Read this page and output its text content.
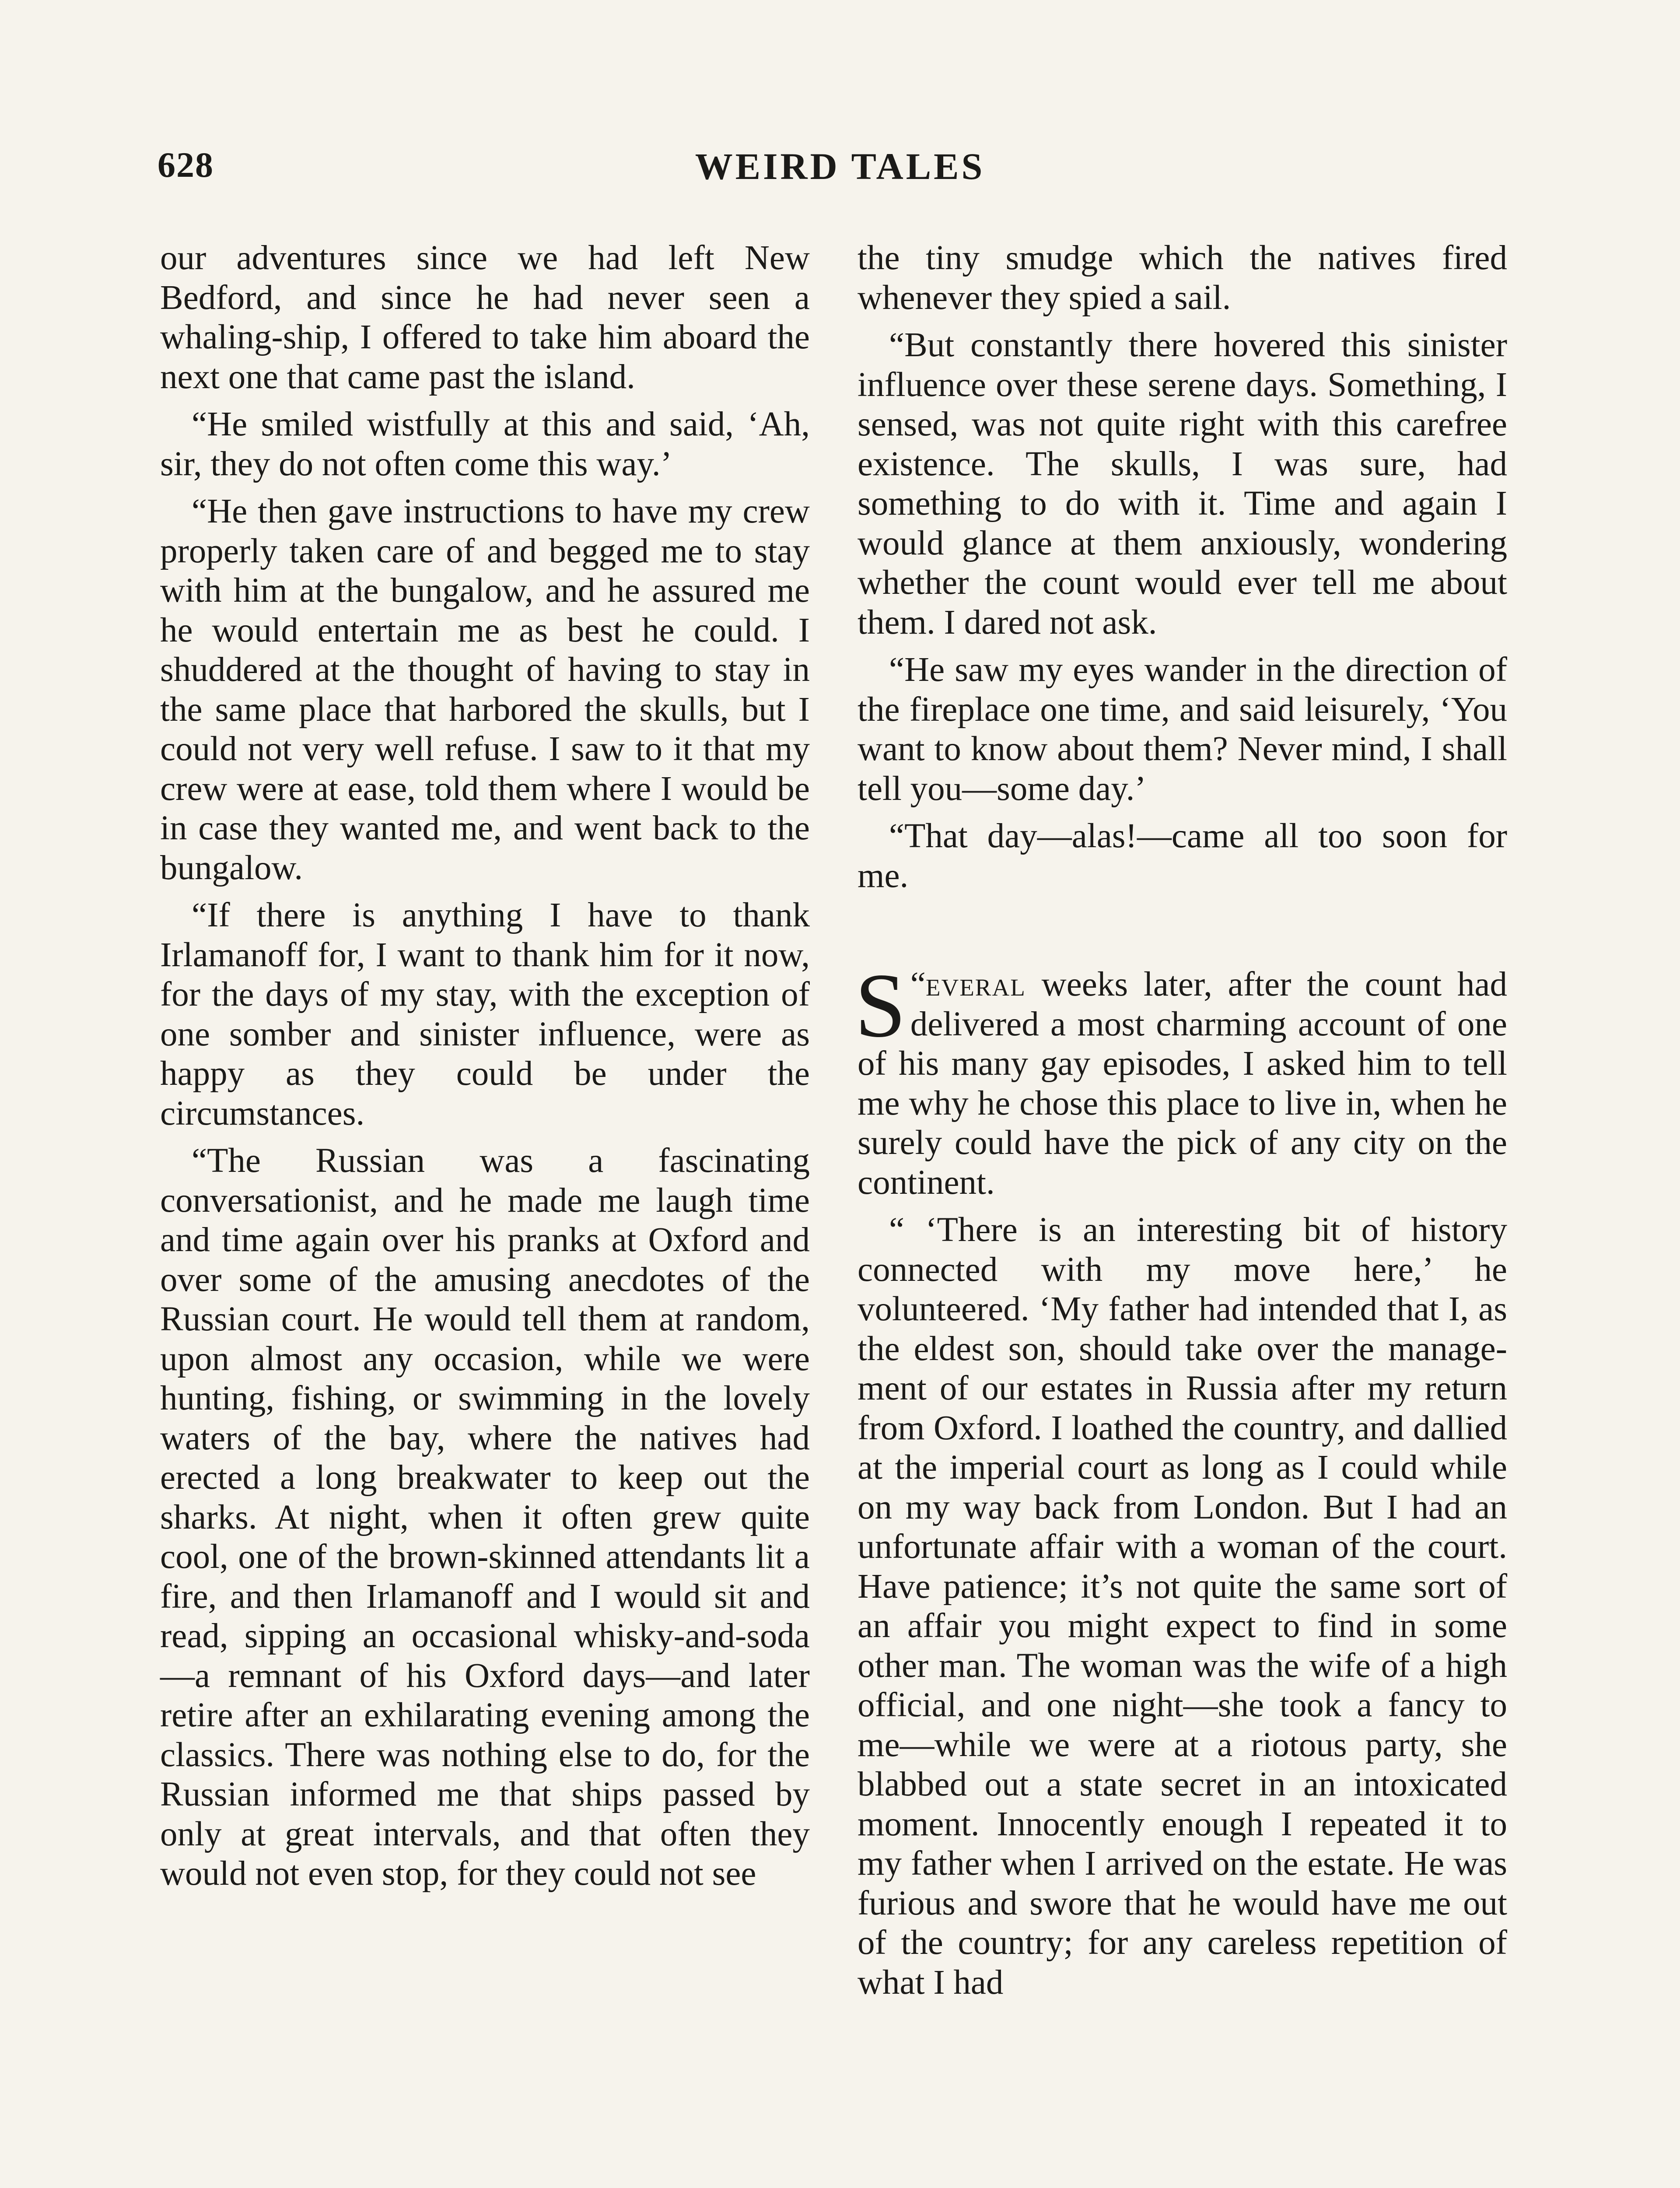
628	WEIRD TALES

our adventures since we had left New Bedford, and since he had never seen a whaling-ship, I offered to take him aboard the next one that came past the island.

“He smiled wistfully at this and said, ‘Ah, sir, they do not often come this way.’

“He then gave instructions to have my crew properly taken care of and begged me to stay with him at the bungalow, and he assured me he would entertain me as best he could. I shuddered at the thought of having to stay in the same place that harbored the skulls, but I could not very well refuse. I saw to it that my crew were at ease, told them where I would be in case they wanted me, and went back to the bungalow.

“If there is anything I have to thank Irlamanoff for, I want to thank him for it now, for the days of my stay, with the exception of one somber and sinister influence, were as happy as they could be under the circumstances.

“The Russian was a fascinating conversationist, and he made me laugh time and time again over his pranks at Oxford and over some of the amusing anecdotes of the Russian court. He would tell them at random, upon almost any occasion, while we were hunting, fishing, or swimming in the lovely waters of the bay, where the natives had erected a long breakwater to keep out the sharks. At night, when it often grew quite cool, one of the brown-skinned attendants lit a fire, and then Irlamanoff and I would sit and read, sipping an occasional whisky-and-soda—a remnant of his Oxford days—and later retire after an exhilarating evening among the classics. There was nothing else to do, for the Russian informed me that ships passed by only at great intervals, and that often they would not even stop, for they could not see

the tiny smudge which the natives fired whenever they spied a sail.

“But constantly there hovered this sinister influence over these serene days. Something, I sensed, was not quite right with this carefree existence. The skulls, I was sure, had something to do with it. Time and again I would glance at them anxiously, wondering whether the count would ever tell me about them. I dared not ask.

“He saw my eyes wander in the direction of the fireplace one time, and said leisurely, ‘You want to know about them? Never mind, I shall tell you—some day.’

“That day—alas!—came all too soon for me.

“
S everal weeks later, after the count had delivered a most charming account of one of his many gay episodes, I asked him to tell me why he chose this place to live in, when he surely could have the pick of any city on the continent.

“ ‘There is an interesting bit of history connected with my move here,’ he volunteered. ‘My father had intended that I, as the eldest son, should take over the management of our estates in Russia after my return from Oxford. I loathed the country, and dallied at the imperial court as long as I could while on my way back from London. But I had an unfortunate affair with a woman of the court. Have patience; it’s not quite the same sort of an affair you might expect to find in some other man. The woman was the wife of a high official, and one night—she took a fancy to me—while we were at a riotous party, she blabbed out a state secret in an intoxicated moment. Innocently enough I repeated it to my father when I arrived on the estate. He was furious and swore that he would have me out of the country; for any careless repetition of what I had
